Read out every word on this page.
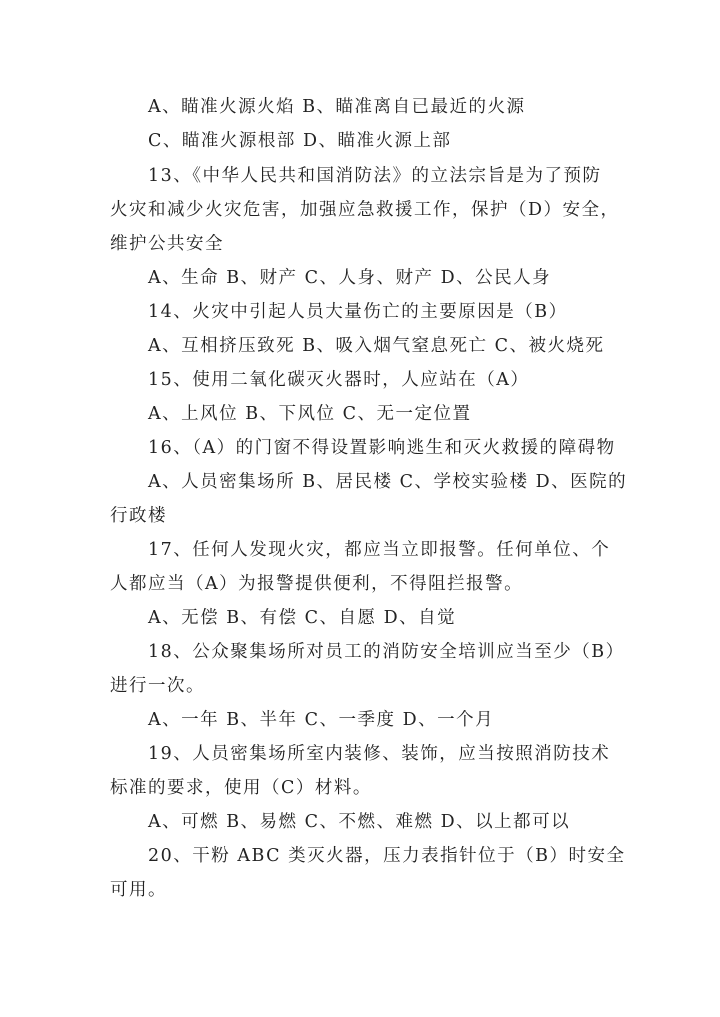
A、瞄准火源火焰 B、瞄准离自已最近的火源
C、瞄准火源根部 D、瞄准火源上部
13、《中华人民共和国消防法》的立法宗旨是为了预防
火灾和减少火灾危害，加强应急救援工作，保护（D）安全，
维护公共安全
A、生命 B、财产 C、人身、财产 D、公民人身
14、火灾中引起人员大量伤亡的主要原因是（B）
A、互相挤压致死 B、吸入烟气窒息死亡 C、被火烧死
15、使用二氧化碳灭火器时，人应站在（A）
A、上风位 B、下风位 C、无一定位置
16、（A）的门窗不得设置影响逃生和灭火救援的障碍物
A、人员密集场所 B、居民楼 C、学校实验楼 D、医院的
行政楼
17、任何人发现火灾，都应当立即报警。任何单位、个
人都应当（A）为报警提供便利，不得阻拦报警。
A、无偿 B、有偿 C、自愿 D、自觉
18、公众聚集场所对员工的消防安全培训应当至少（B）
进行一次。
A、一年 B、半年 C、一季度 D、一个月
19、人员密集场所室内装修、装饰，应当按照消防技术
标准的要求，使用（C）材料。
A、可燃 B、易燃 C、不燃、难燃 D、以上都可以
20、干粉 ABC 类灭火器，压力表指针位于（B）时安全
可用。
